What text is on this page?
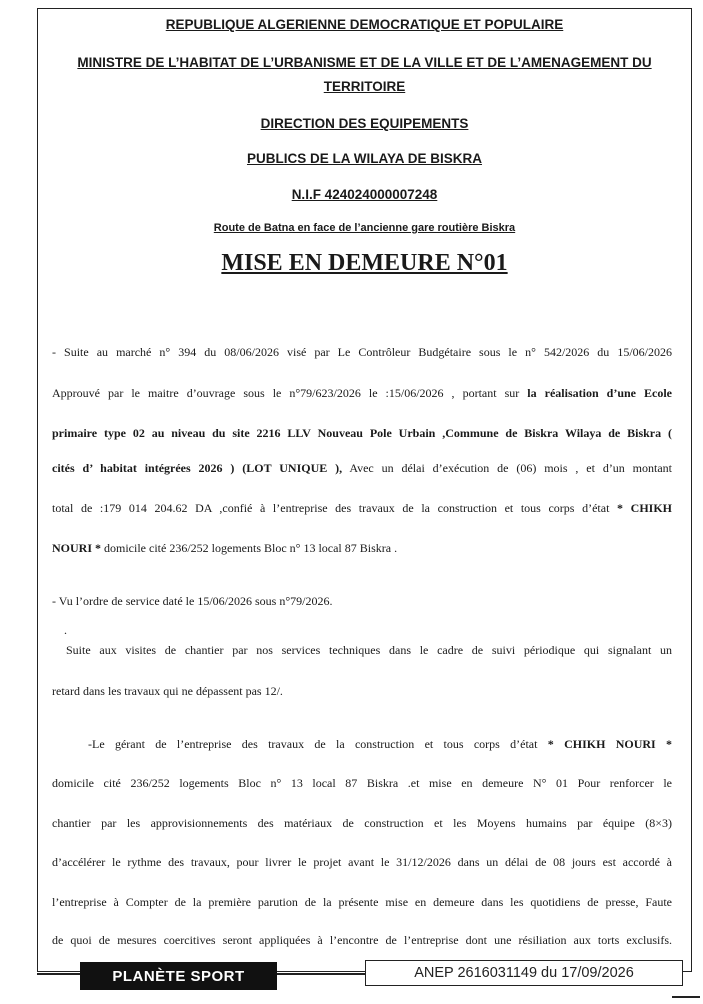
REPUBLIQUE ALGERIENNE DEMOCRATIQUE ET POPULAIRE

MINISTRE DE L’HABITAT DE L’URBANISME ET DE LA VILLE ET DE L’AMENAGEMENT DU

TERRITOIRE

DIRECTION DES EQUIPEMENTS

PUBLICS DE LA WILAYA DE BISKRA

N.I.F 424024000007248

Route de Batna en face de l’ancienne gare routière Biskra

MISE EN DEMEURE N°01

- Suite au marché n° 394 du 08/06/2026 visé par Le Contrôleur Budgétaire sous le n° 542/2026 du 15/06/2026

Approuvé par le maitre d’ouvrage sous le n°79/623/2026 le :15/06/2026 , portant sur la réalisation d’une Ecole

primaire type 02 au niveau du site 2216 LLV Nouveau Pole Urbain ,Commune de Biskra Wilaya de Biskra (

cités d’ habitat intégrées 2026 ) (LOT UNIQUE ), Avec un délai d’exécution de (06) mois , et d’un montant

total de :179 014 204.62 DA ,confié à l’entreprise des travaux de la construction et tous corps d’état * CHIKH

NOURI * domicile cité 236/252 logements Bloc n° 13 local 87 Biskra .

- Vu l’ordre de service daté le 15/06/2026 sous n°79/2026.

.

Suite aux visites de chantier par nos services techniques dans le cadre de suivi périodique qui signalant un

retard dans les travaux qui ne dépassent pas 12/.

-Le gérant de l’entreprise des travaux de la construction et tous corps d’état * CHIKH NOURI *

domicile cité 236/252 logements Bloc n° 13 local 87 Biskra .et mise en demeure N° 01 Pour renforcer le

chantier par les approvisionnements des matériaux de construction et les Moyens humains par équipe (8×3)

d’accélérer le rythme des travaux, pour livrer le projet avant le 31/12/2026 dans un délai de 08 jours est accordé à

l’entreprise à Compter de la première parution de la présente mise en demeure dans les quotidiens de presse, Faute

de quoi de mesures coercitives seront appliquées à l’encontre de l’entreprise dont une résiliation aux torts exclusifs.

PLANÈTE SPORT	ANEP 2616031149 du 17/09/2026
